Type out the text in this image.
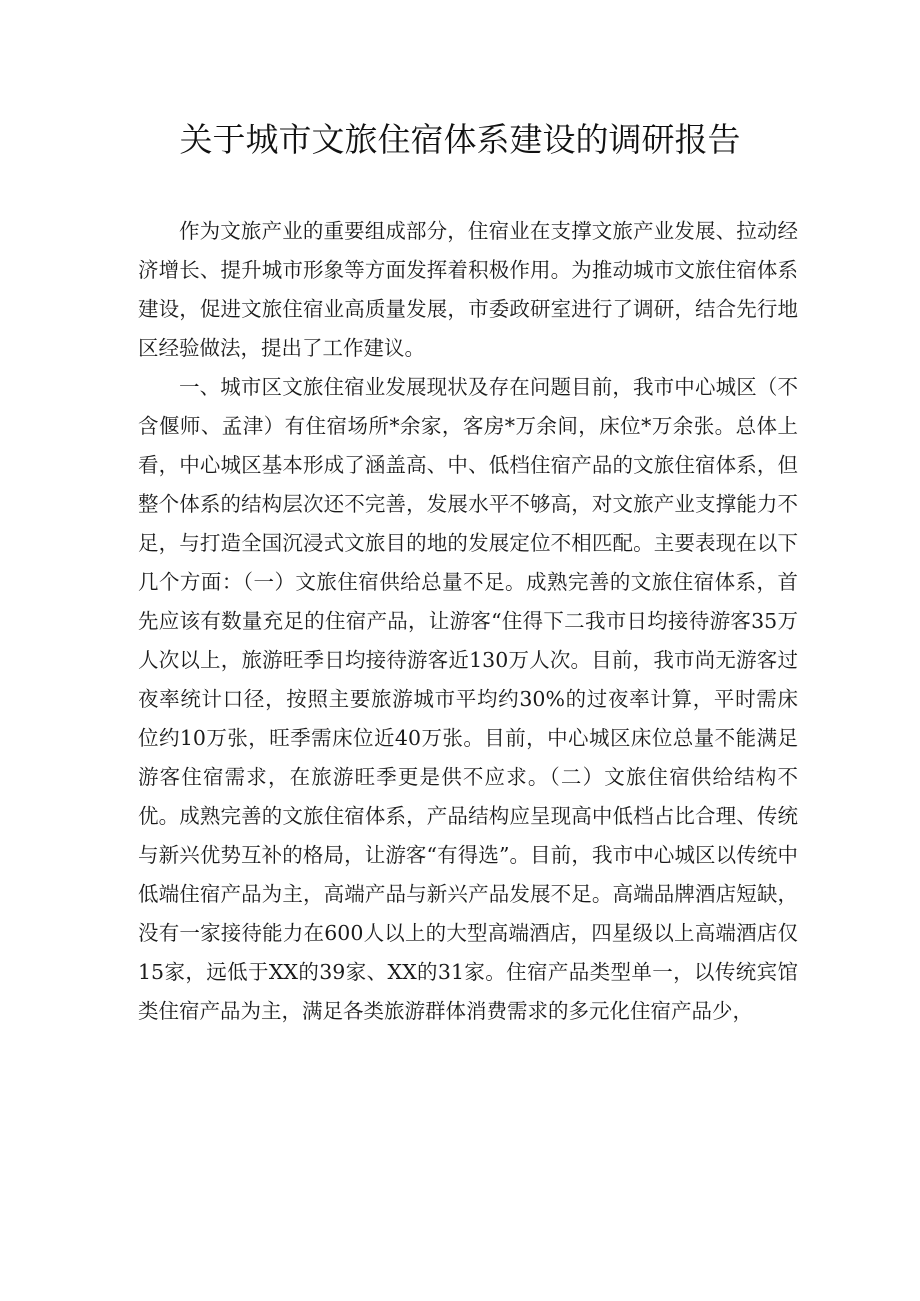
关于城市文旅住宿体系建设的调研报告

作为文旅产业的重要组成部分，住宿业在支撑文旅产业发展、拉动经济增长、提升城市形象等方面发挥着积极作用。为推动城市文旅住宿体系建设，促进文旅住宿业高质量发展，市委政研室进行了调研，结合先行地区经验做法，提出了工作建议。

一、城市区文旅住宿业发展现状及存在问题目前，我市中心城区（不含偃师、孟津）有住宿场所*余家，客房*万余间，床位*万余张。总体上看，中心城区基本形成了涵盖高、中、低档住宿产品的文旅住宿体系，但整个体系的结构层次还不完善，发展水平不够高，对文旅产业支撑能力不足，与打造全国沉浸式文旅目的地的发展定位不相匹配。主要表现在以下几个方面：（一）文旅住宿供给总量不足。成熟完善的文旅住宿体系，首先应该有数量充足的住宿产品，让游客“住得下二我市日均接待游客35万人次以上，旅游旺季日均接待游客近130万人次。目前，我市尚无游客过夜率统计口径，按照主要旅游城市平均约30%的过夜率计算，平时需床位约10万张，旺季需床位近40万张。目前，中心城区床位总量不能满足游客住宿需求，在旅游旺季更是供不应求。（二）文旅住宿供给结构不优。成熟完善的文旅住宿体系，产品结构应呈现高中低档占比合理、传统与新兴优势互补的格局，让游客“有得选”。目前，我市中心城区以传统中低端住宿产品为主，高端产品与新兴产品发展不足。高端品牌酒店短缺，没有一家接待能力在600人以上的大型高端酒店，四星级以上高端酒店仅15家，远低于XX的39家、XX的31家。住宿产品类型单一，以传统宾馆类住宿产品为主，满足各类旅游群体消费需求的多元化住宿产品少，
